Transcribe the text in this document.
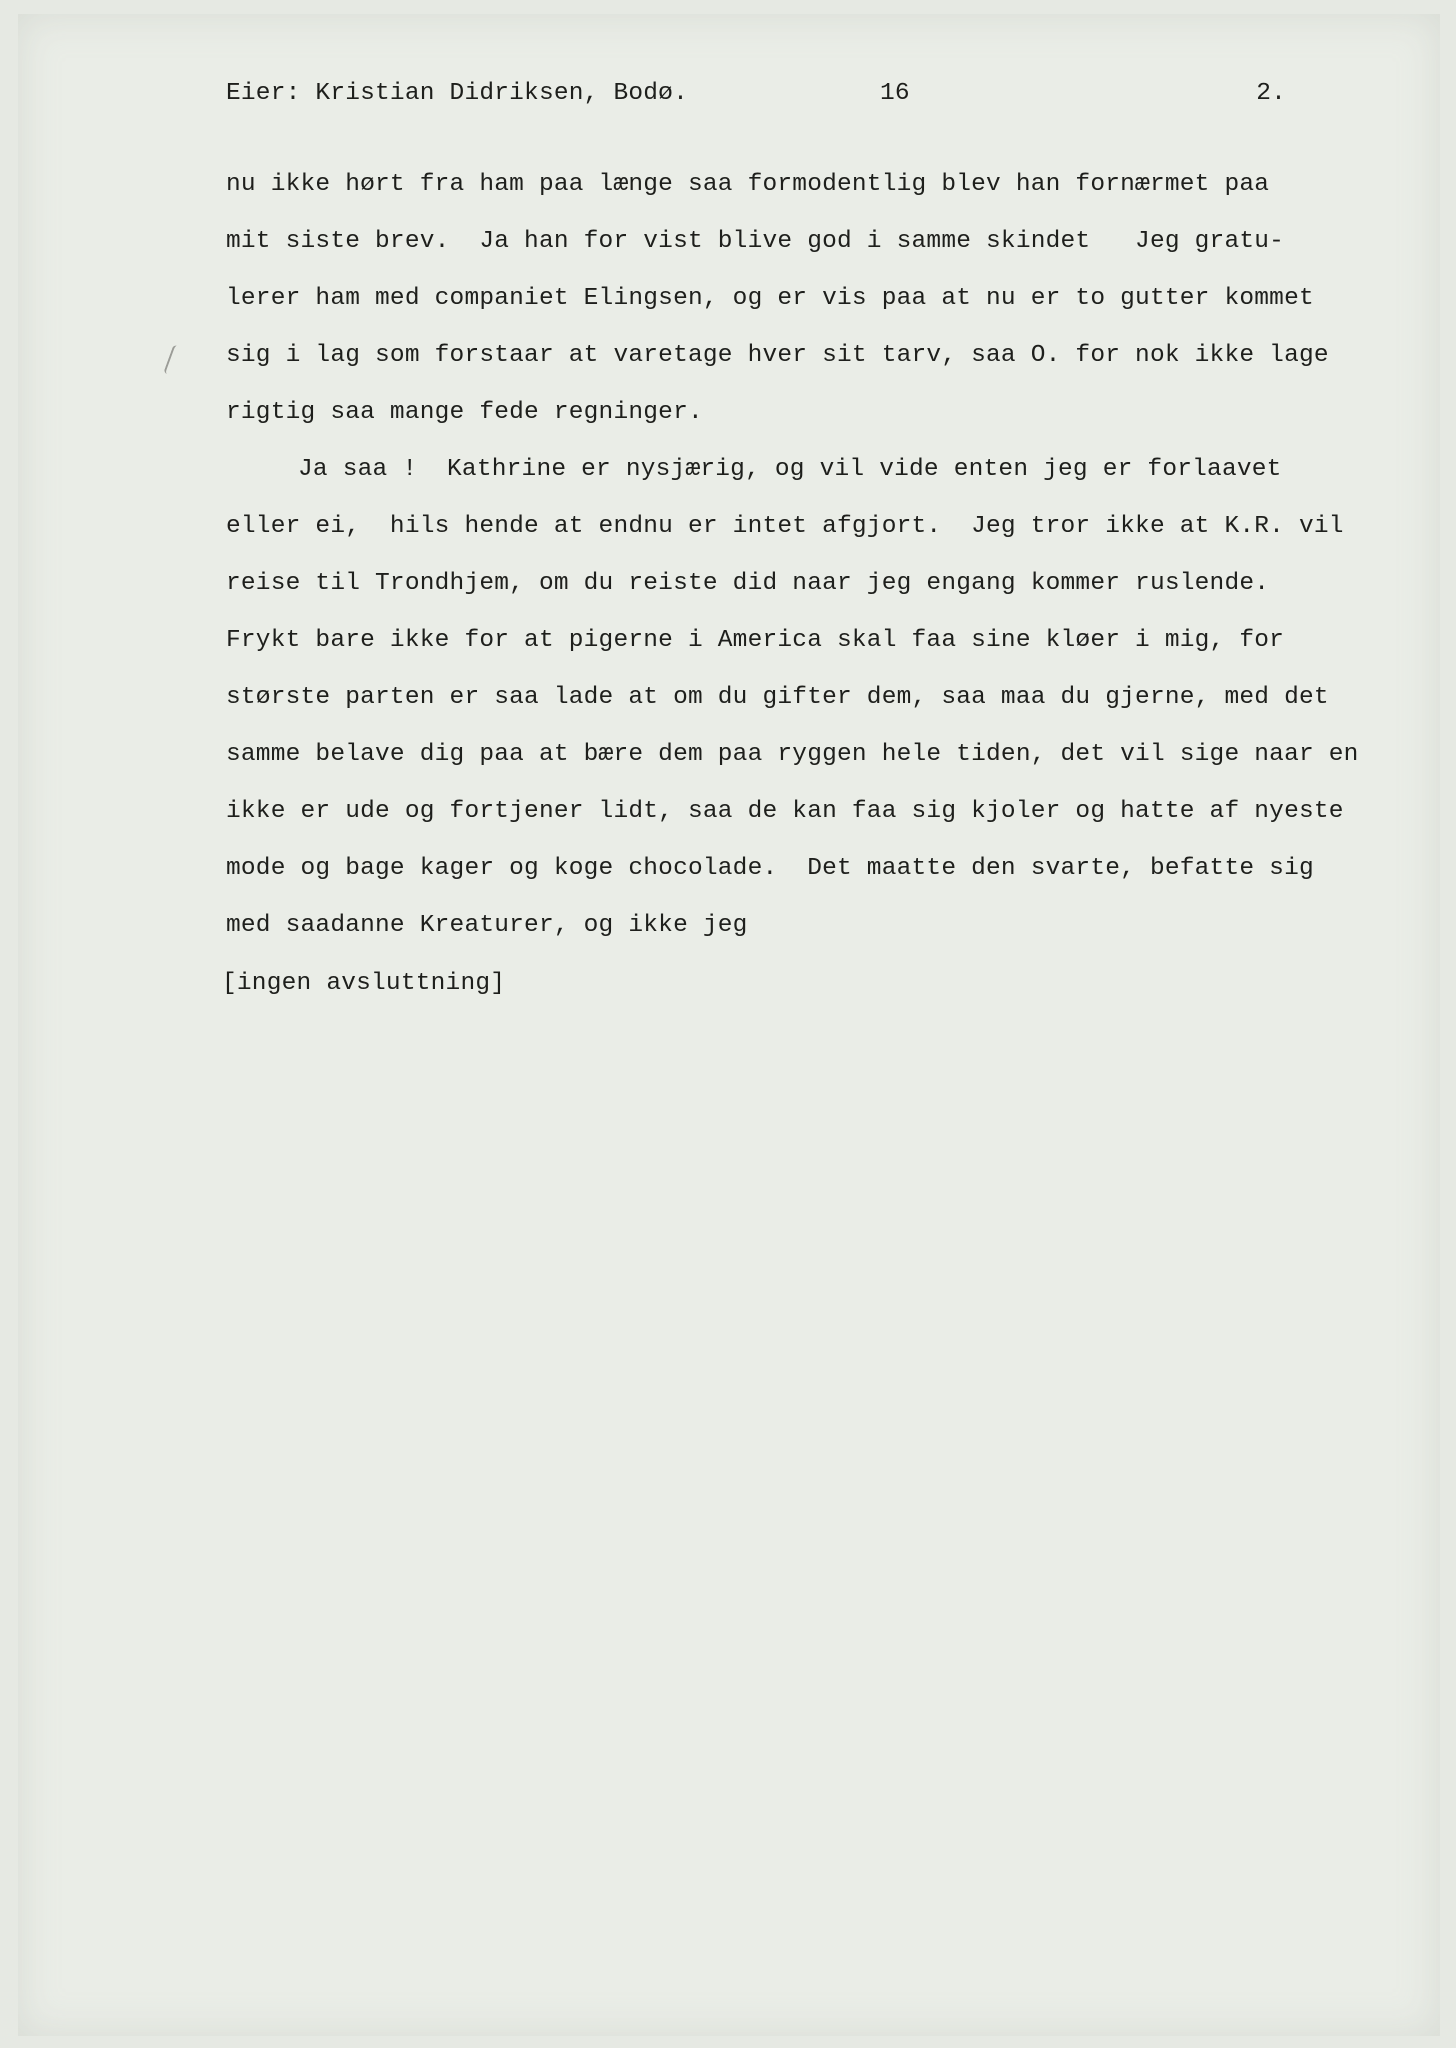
Eier: Kristian Didriksen, Bodø.

	16

	2.

nu ikke hørt fra ham paa længe saa formodentlig blev han fornærmet paa

mit siste brev.  Ja han for vist blive god i samme skindet   Jeg gratu-

lerer ham med companiet Elingsen, og er vis paa at nu er to gutter kommet

sig i lag som forstaar at varetage hver sit tarv, saa O. for nok ikke lage

rigtig saa mange fede regninger.

Ja saa !  Kathrine er nysjærig, og vil vide enten jeg er forlaavet

eller ei,  hils hende at endnu er intet afgjort.  Jeg tror ikke at K.R. vil

reise til Trondhjem, om du reiste did naar jeg engang kommer ruslende.

Frykt bare ikke for at pigerne i America skal faa sine kløer i mig, for

største parten er saa lade at om du gifter dem, saa maa du gjerne, med det

samme belave dig paa at bære dem paa ryggen hele tiden, det vil sige naar en

ikke er ude og fortjener lidt, saa de kan faa sig kjoler og hatte af nyeste

mode og bage kager og koge chocolade.  Det maatte den svarte, befatte sig

med saadanne Kreaturer, og ikke jeg

[ingen avsluttning]
